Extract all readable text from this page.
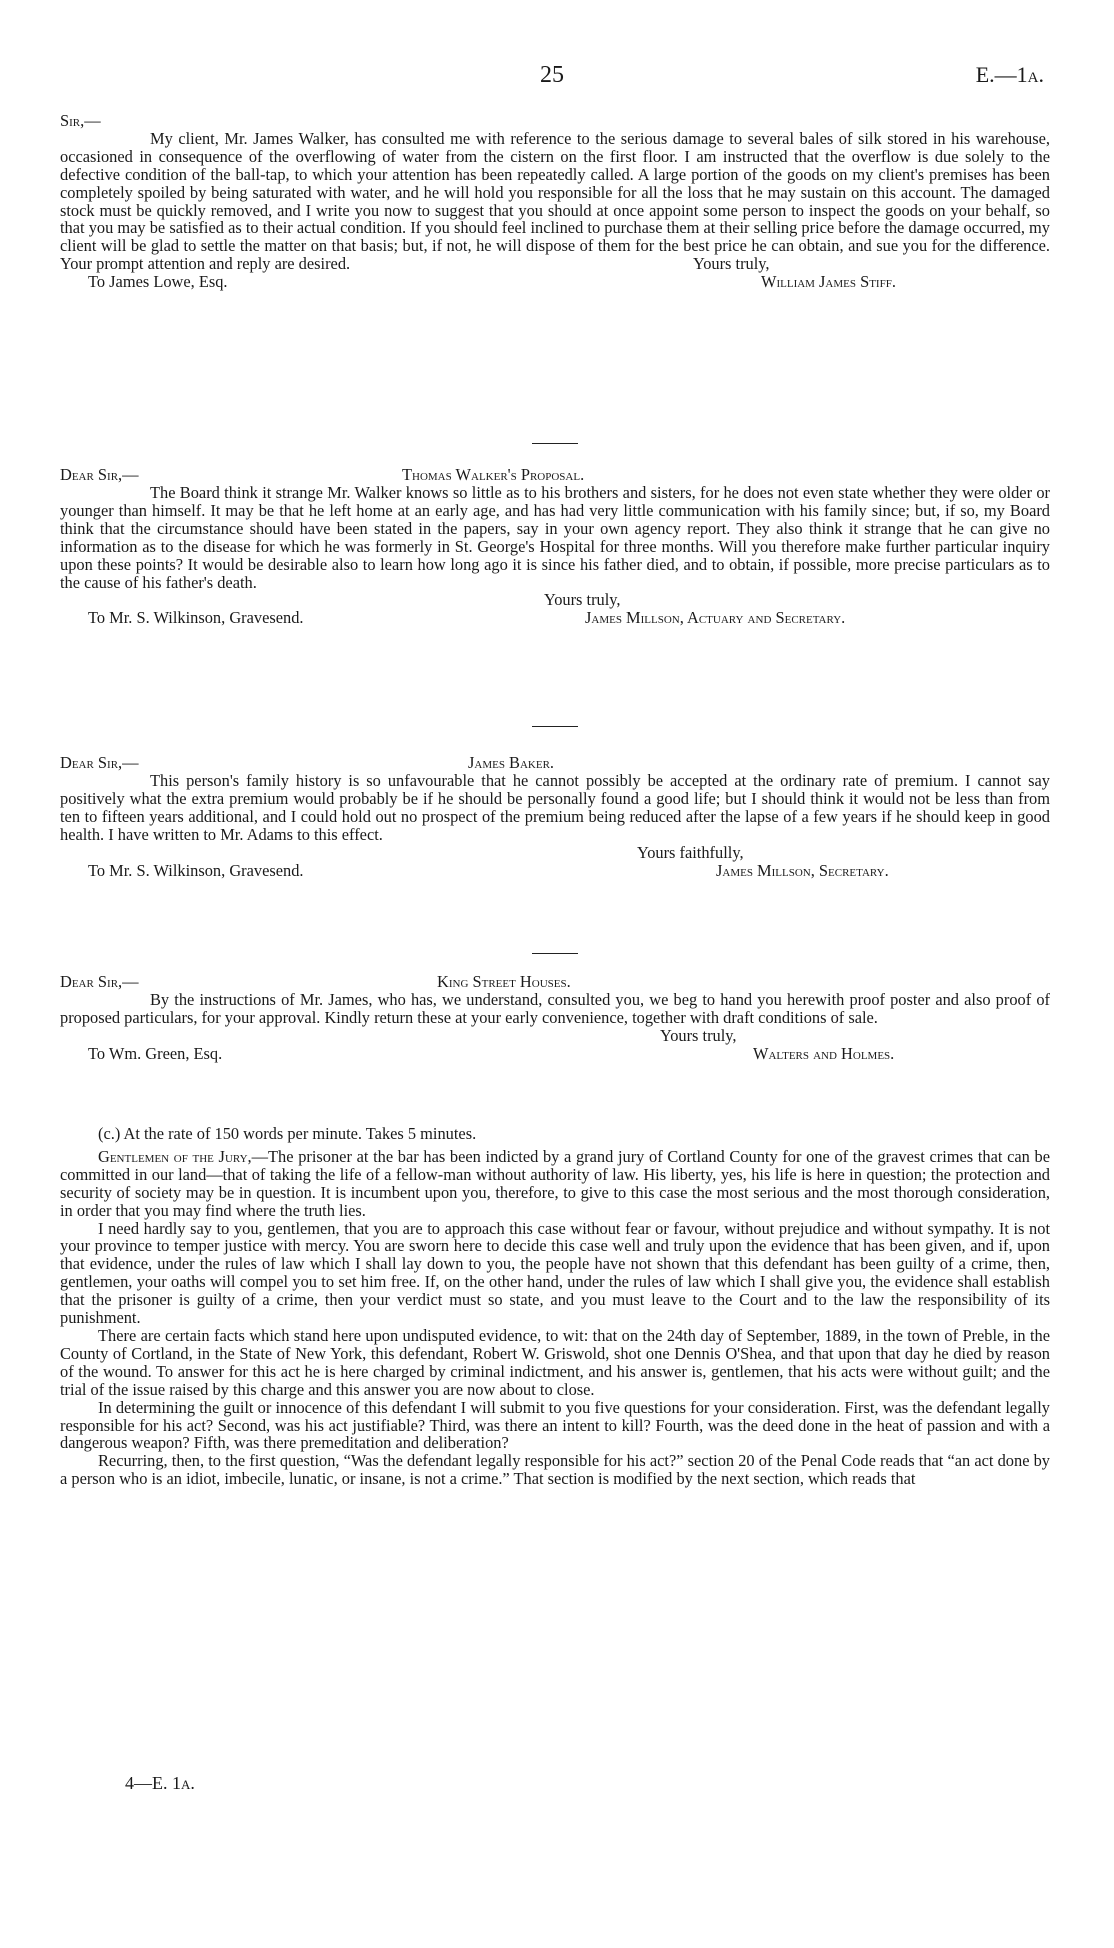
25	E.—1a.
Sir,—

My client, Mr. James Walker, has consulted me with reference to the serious damage to several bales of silk stored in his warehouse, occasioned in consequence of the overflowing of water from the cistern on the first floor. I am instructed that the overflow is due solely to the defective condition of the ball-tap, to which your attention has been repeatedly called. A large portion of the goods on my client's premises has been completely spoiled by being saturated with water, and he will hold you responsible for all the loss that he may sustain on this account. The damaged stock must be quickly removed, and I write you now to suggest that you should at once appoint some person to inspect the goods on your behalf, so that you may be satisfied as to their actual condition. If you should feel inclined to purchase them at their selling price before the damage occurred, my client will be glad to settle the matter on that basis; but, if not, he will dispose of them for the best price he can obtain, and sue you for the difference. Your prompt attention and reply are desired.	Yours truly,
To James Lowe, Esq.	William James Stiff.
Dear Sir,—	Thomas Walker's Proposal.

The Board think it strange Mr. Walker knows so little as to his brothers and sisters, for he does not even state whether they were older or younger than himself. It may be that he left home at an early age, and has had very little communication with his family since; but, if so, my Board think that the circumstance should have been stated in the papers, say in your own agency report. They also think it strange that he can give no information as to the disease for which he was formerly in St. George's Hospital for three months. Will you therefore make further particular inquiry upon these points? It would be desirable also to learn how long ago it is since his father died, and to obtain, if possible, more precise particulars as to the cause of his father's death.

Yours truly,
To Mr. S. Wilkinson, Gravesend.	James Millson, Actuary and Secretary.
Dear Sir,—	James Baker.

This person's family history is so unfavourable that he cannot possibly be accepted at the ordinary rate of premium. I cannot say positively what the extra premium would probably be if he should be personally found a good life; but I should think it would not be less than from ten to fifteen years additional, and I could hold out no prospect of the premium being reduced after the lapse of a few years if he should keep in good health. I have written to Mr. Adams to this effect.

Yours faithfully,
To Mr. S. Wilkinson, Gravesend.	James Millson, Secretary.
Dear Sir,—	King Street Houses.

By the instructions of Mr. James, who has, we understand, consulted you, we beg to hand you herewith proof poster and also proof of proposed particulars, for your approval. Kindly return these at your early convenience, together with draft conditions of sale.

Yours truly,
To Wm. Green, Esq.	Walters and Holmes.

(c.) At the rate of 150 words per minute. Takes 5 minutes.

Gentlemen of the Jury,—The prisoner at the bar has been indicted by a grand jury of Cortland County for one of the gravest crimes that can be committed in our land—that of taking the life of a fellow-man without authority of law. His liberty, yes, his life is here in question; the protection and security of society may be in question. It is incumbent upon you, therefore, to give to this case the most serious and the most thorough consideration, in order that you may find where the truth lies.

I need hardly say to you, gentlemen, that you are to approach this case without fear or favour, without prejudice and without sympathy. It is not your province to temper justice with mercy. You are sworn here to decide this case well and truly upon the evidence that has been given, and if, upon that evidence, under the rules of law which I shall lay down to you, the people have not shown that this defendant has been guilty of a crime, then, gentlemen, your oaths will compel you to set him free. If, on the other hand, under the rules of law which I shall give you, the evidence shall establish that the prisoner is guilty of a crime, then your verdict must so state, and you must leave to the Court and to the law the responsibility of its punishment.

There are certain facts which stand here upon undisputed evidence, to wit: that on the 24th day of September, 1889, in the town of Preble, in the County of Cortland, in the State of New York, this defendant, Robert W. Griswold, shot one Dennis O'Shea, and that upon that day he died by reason of the wound. To answer for this act he is here charged by criminal indictment, and his answer is, gentlemen, that his acts were without guilt; and the trial of the issue raised by this charge and this answer you are now about to close.

In determining the guilt or innocence of this defendant I will submit to you five questions for your consideration. First, was the defendant legally responsible for his act? Second, was his act justifiable? Third, was there an intent to kill? Fourth, was the deed done in the heat of passion and with a dangerous weapon? Fifth, was there premeditation and deliberation?

Recurring, then, to the first question, “Was the defendant legally responsible for his act?” section 20 of the Penal Code reads that “an act done by a person who is an idiot, imbecile, lunatic, or insane, is not a crime.” That section is modified by the next section, which reads that

4—E. 1a.
